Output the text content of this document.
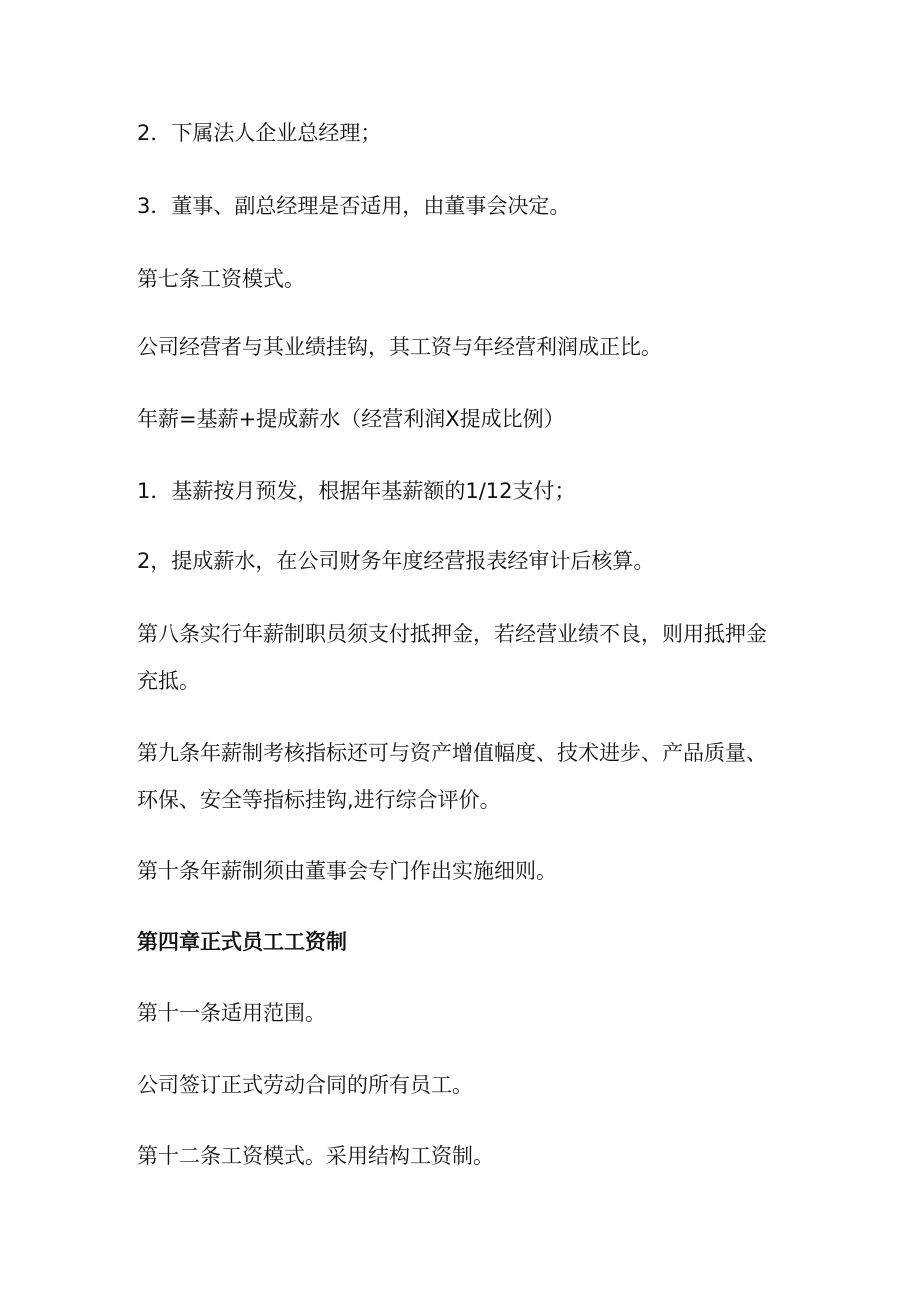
2．下属法人企业总经理；

3．董事、副总经理是否适用，由董事会决定。

第七条工资模式。

公司经营者与其业绩挂钩，其工资与年经营利润成正比。

年薪=基薪+提成薪水（经营利润X提成比例）

1．基薪按月预发，根据年基薪额的1/12支付；

2，提成薪水，在公司财务年度经营报表经审计后核算。

第八条实行年薪制职员须支付抵押金，若经营业绩不良，则用抵押金充抵。

第九条年薪制考核指标还可与资产增值幅度、技术进步、产品质量、环保、安全等指标挂钩,进行综合评价。

第十条年薪制须由董事会专门作出实施细则。

第四章正式员工工资制

第十一条适用范围。

公司签订正式劳动合同的所有员工。

第十二条工资模式。采用结构工资制。
